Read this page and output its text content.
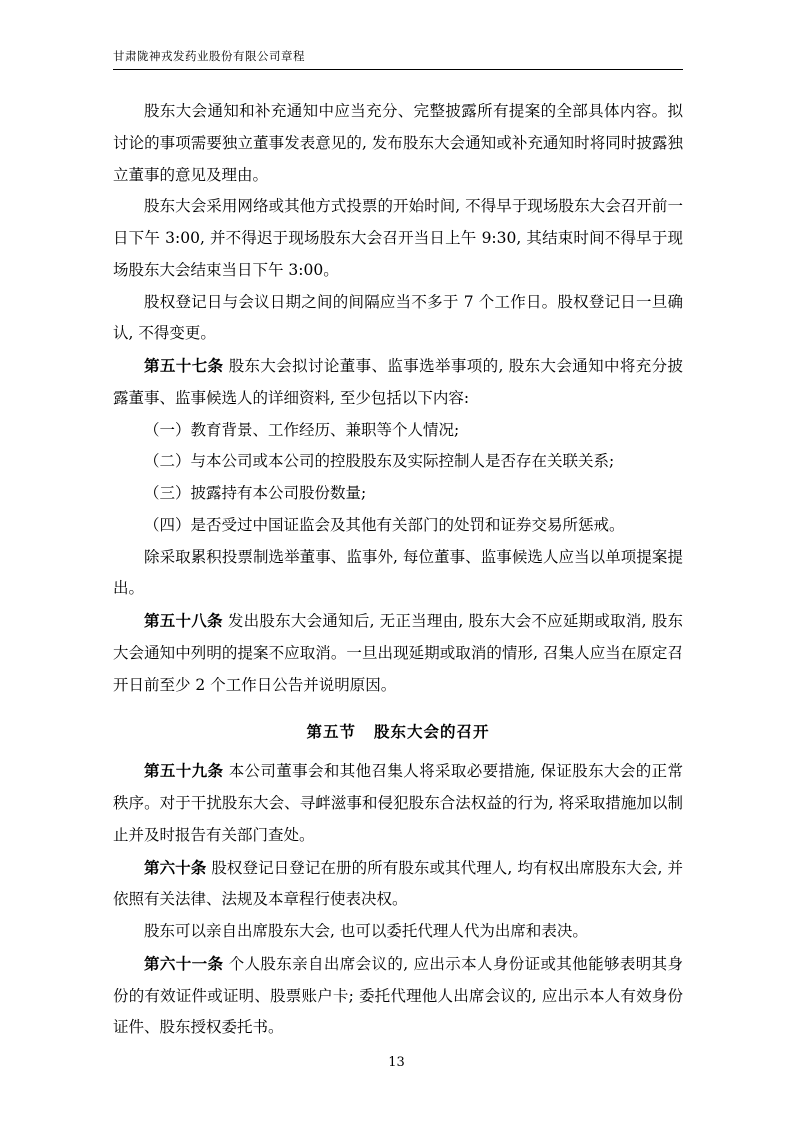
甘肃陇神戎发药业股份有限公司章程

股东大会通知和补充通知中应当充分、完整披露所有提案的全部具体内容。拟讨论的事项需要独立董事发表意见的, 发布股东大会通知或补充通知时将同时披露独立董事的意见及理由。

股东大会采用网络或其他方式投票的开始时间, 不得早于现场股东大会召开前一日下午 3:00, 并不得迟于现场股东大会召开当日上午 9:30, 其结束时间不得早于现场股东大会结束当日下午 3:00。

股权登记日与会议日期之间的间隔应当不多于 7 个工作日。股权登记日一旦确认, 不得变更。

第五十七条 股东大会拟讨论董事、监事选举事项的, 股东大会通知中将充分披露董事、监事候选人的详细资料, 至少包括以下内容:

（一）教育背景、工作经历、兼职等个人情况;

（二）与本公司或本公司的控股股东及实际控制人是否存在关联关系;

（三）披露持有本公司股份数量;

（四）是否受过中国证监会及其他有关部门的处罚和证券交易所惩戒。

除采取累积投票制选举董事、监事外, 每位董事、监事候选人应当以单项提案提出。

第五十八条 发出股东大会通知后, 无正当理由, 股东大会不应延期或取消, 股东大会通知中列明的提案不应取消。一旦出现延期或取消的情形, 召集人应当在原定召开日前至少 2 个工作日公告并说明原因。

第五节 股东大会的召开

第五十九条 本公司董事会和其他召集人将采取必要措施, 保证股东大会的正常秩序。对于干扰股东大会、寻衅滋事和侵犯股东合法权益的行为, 将采取措施加以制止并及时报告有关部门查处。

第六十条 股权登记日登记在册的所有股东或其代理人, 均有权出席股东大会, 并依照有关法律、法规及本章程行使表决权。

股东可以亲自出席股东大会, 也可以委托代理人代为出席和表决。

第六十一条 个人股东亲自出席会议的, 应出示本人身份证或其他能够表明其身份的有效证件或证明、股票账户卡; 委托代理他人出席会议的, 应出示本人有效身份证件、股东授权委托书。

13
